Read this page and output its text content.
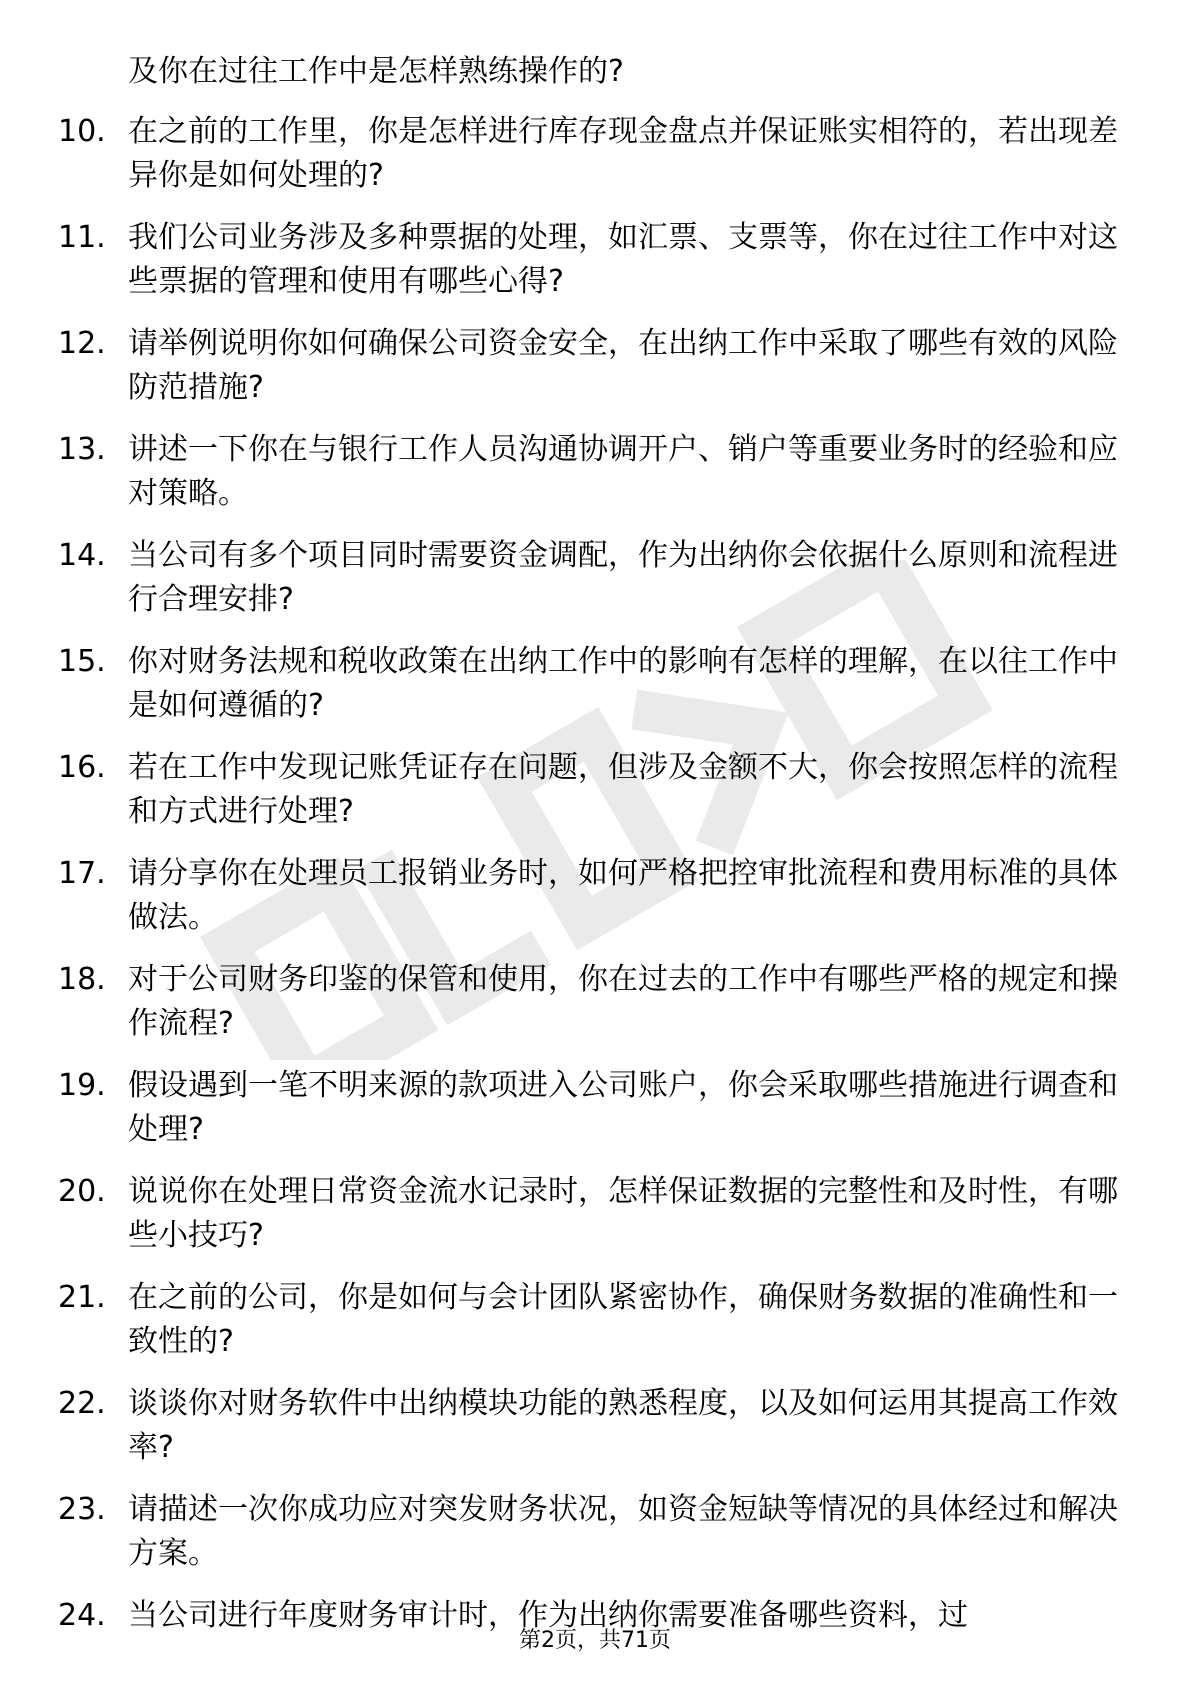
及你在过往工作中是怎样熟练操作的?
10. 在之前的工作里，你是怎样进行库存现金盘点并保证账实相符的，若出现差异你是如何处理的?
11. 我们公司业务涉及多种票据的处理，如汇票、支票等，你在过往工作中对这些票据的管理和使用有哪些心得?
12. 请举例说明你如何确保公司资金安全，在出纳工作中采取了哪些有效的风险防范措施?
13. 讲述一下你在与银行工作人员沟通协调开户、销户等重要业务时的经验和应对策略。
14. 当公司有多个项目同时需要资金调配，作为出纳你会依据什么原则和流程进行合理安排?
15. 你对财务法规和税收政策在出纳工作中的影响有怎样的理解，在以往工作中是如何遵循的?
16. 若在工作中发现记账凭证存在问题，但涉及金额不大，你会按照怎样的流程和方式进行处理?
17. 请分享你在处理员工报销业务时，如何严格把控审批流程和费用标准的具体做法。
18. 对于公司财务印鉴的保管和使用，你在过去的工作中有哪些严格的规定和操作流程?
19. 假设遇到一笔不明来源的款项进入公司账户，你会采取哪些措施进行调查和处理?
20. 说说你在处理日常资金流水记录时，怎样保证数据的完整性和及时性，有哪些小技巧?
21. 在之前的公司，你是如何与会计团队紧密协作，确保财务数据的准确性和一致性的?
22. 谈谈你对财务软件中出纳模块功能的熟悉程度，以及如何运用其提高工作效率?
23. 请描述一次你成功应对突发财务状况，如资金短缺等情况的具体经过和解决方案。
24. 当公司进行年度财务审计时，作为出纳你需要准备哪些资料，过
第2页，共71页
